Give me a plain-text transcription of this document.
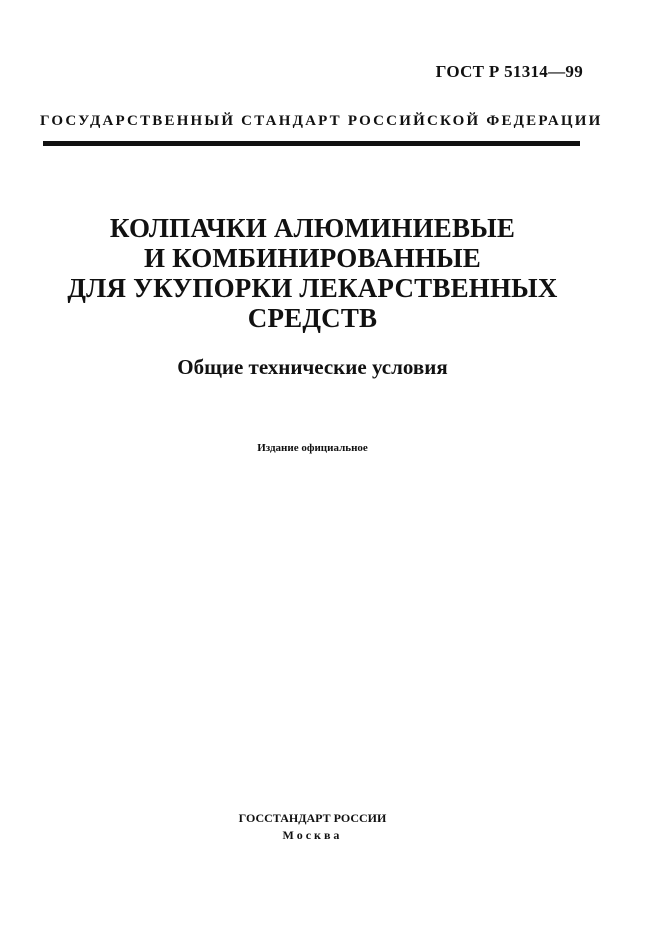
ГОСТ Р 51314—99
ГОСУДАРСТВЕННЫЙ СТАНДАРТ РОССИЙСКОЙ ФЕДЕРАЦИИ
КОЛПАЧКИ АЛЮМИНИЕВЫЕ
И КОМБИНИРОВАННЫЕ
ДЛЯ УКУПОРКИ ЛЕКАРСТВЕННЫХ
СРЕДСТВ
Общие технические условия
Издание официальное
ГОССТАНДАРТ РОССИИ
Москва
